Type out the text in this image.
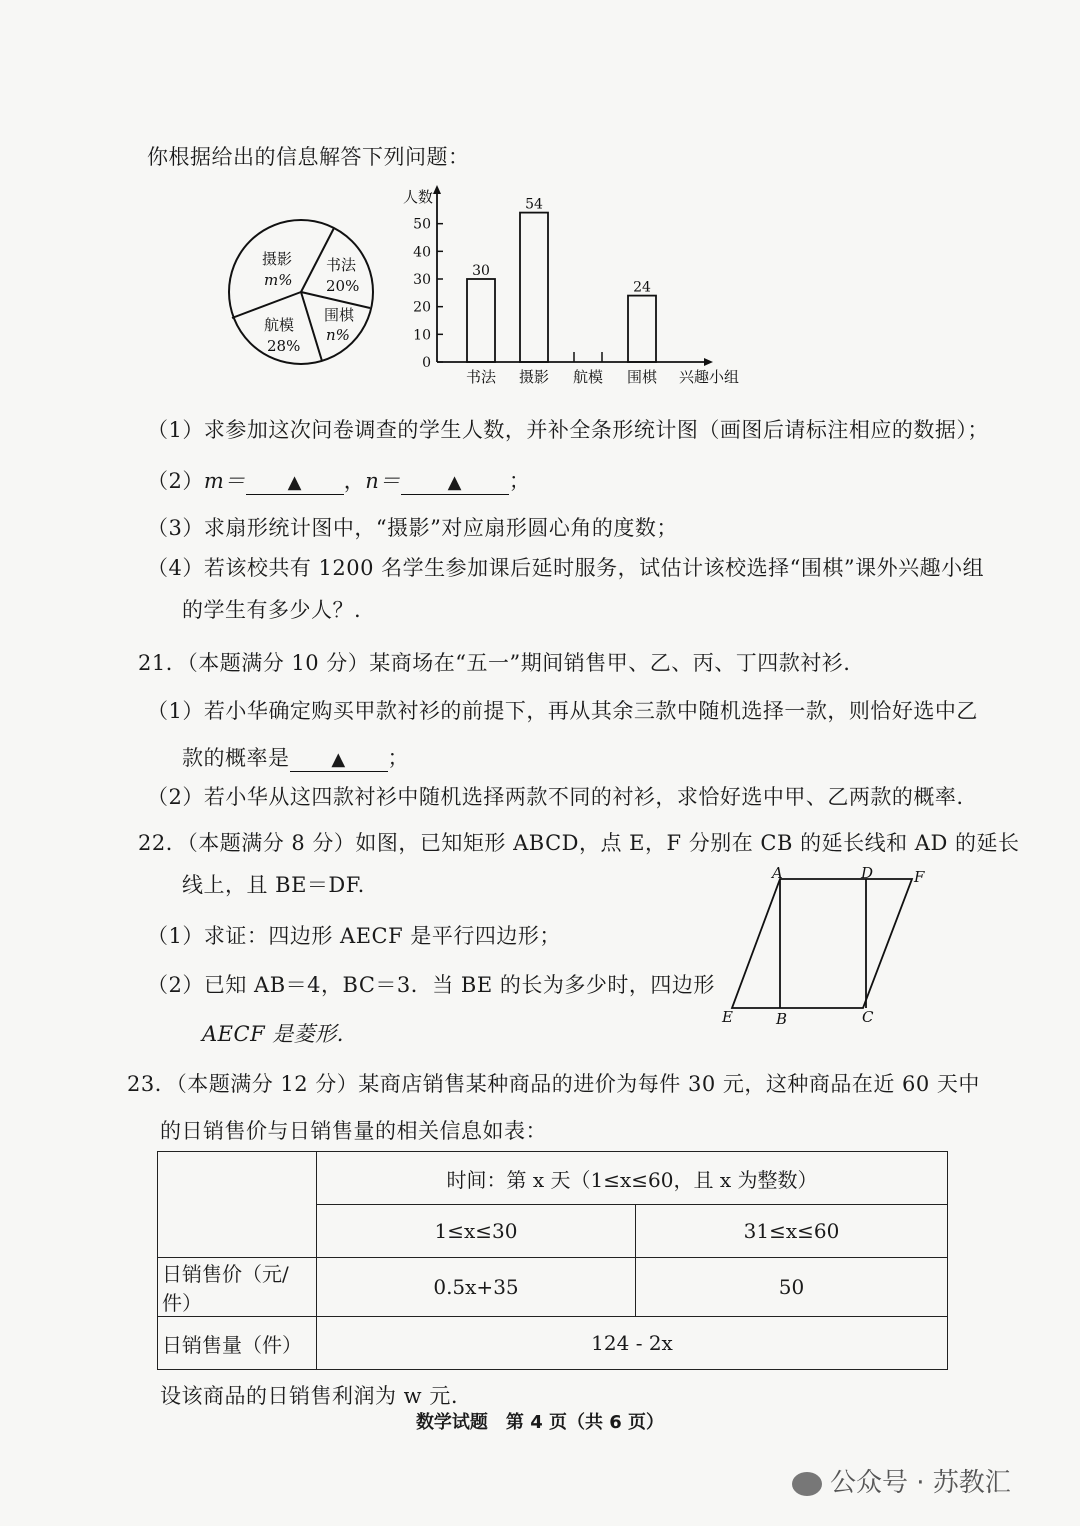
你根据给出的信息解答下列问题：
摄影
m%
书法
20%
围棋
n%
航模
28%
人数
兴趣小组
0
10
20
30
40
50
30
书法
54
摄影 航模
24
围棋
（1）求参加这次问卷调查的学生人数，并补全条形统计图（画图后请标注相应的数据）；
（2）m＝ ▲ ，n＝	▲ ；
（3）求扇形统计图中，“摄影”对应扇形圆心角的度数；
（4）若该校共有 1200 名学生参加课后延时服务，试估计该校选择“围棋”课外兴趣小组
的学生有多少人？.
21．（本题满分 10 分）某商场在“五一”期间销售甲、乙、丙、丁四款衬衫.
（1）若小华确定购买甲款衬衫的前提下，再从其余三款中随机选择一款，则恰好选中乙
款的概率是 ▲ ；
（2）若小华从这四款衬衫中随机选择两款不同的衬衫，求恰好选中甲、乙两款的概率.
22．（本题满分 8 分）如图，已知矩形 ABCD，点 E，F 分别在 CB 的延长线和 AD 的延长
线上，且 BE＝DF.
（1）求证：四边形 AECF 是平行四边形；
（2）已知 AB＝4，BC＝3．当 BE 的长为多少时，四边形
AECF 是菱形.
A	D	F
E	B	C
23．（本题满分 12 分）某商店销售某种商品的进价为每件 30 元，这种商品在近 60 天中
的日销售价与日销售量的相关信息如表：
	时间：第 x 天（1≤x≤60，且 x 为整数）	
	1≤x≤30	31≤x≤60
日销售价（元/件）	0.5x+35	50
日销售量（件）	124 - 2x	
设该商品的日销售利润为 w 元.
数学试题　第 4 页（共 6 页）
公众号 · 苏教汇
